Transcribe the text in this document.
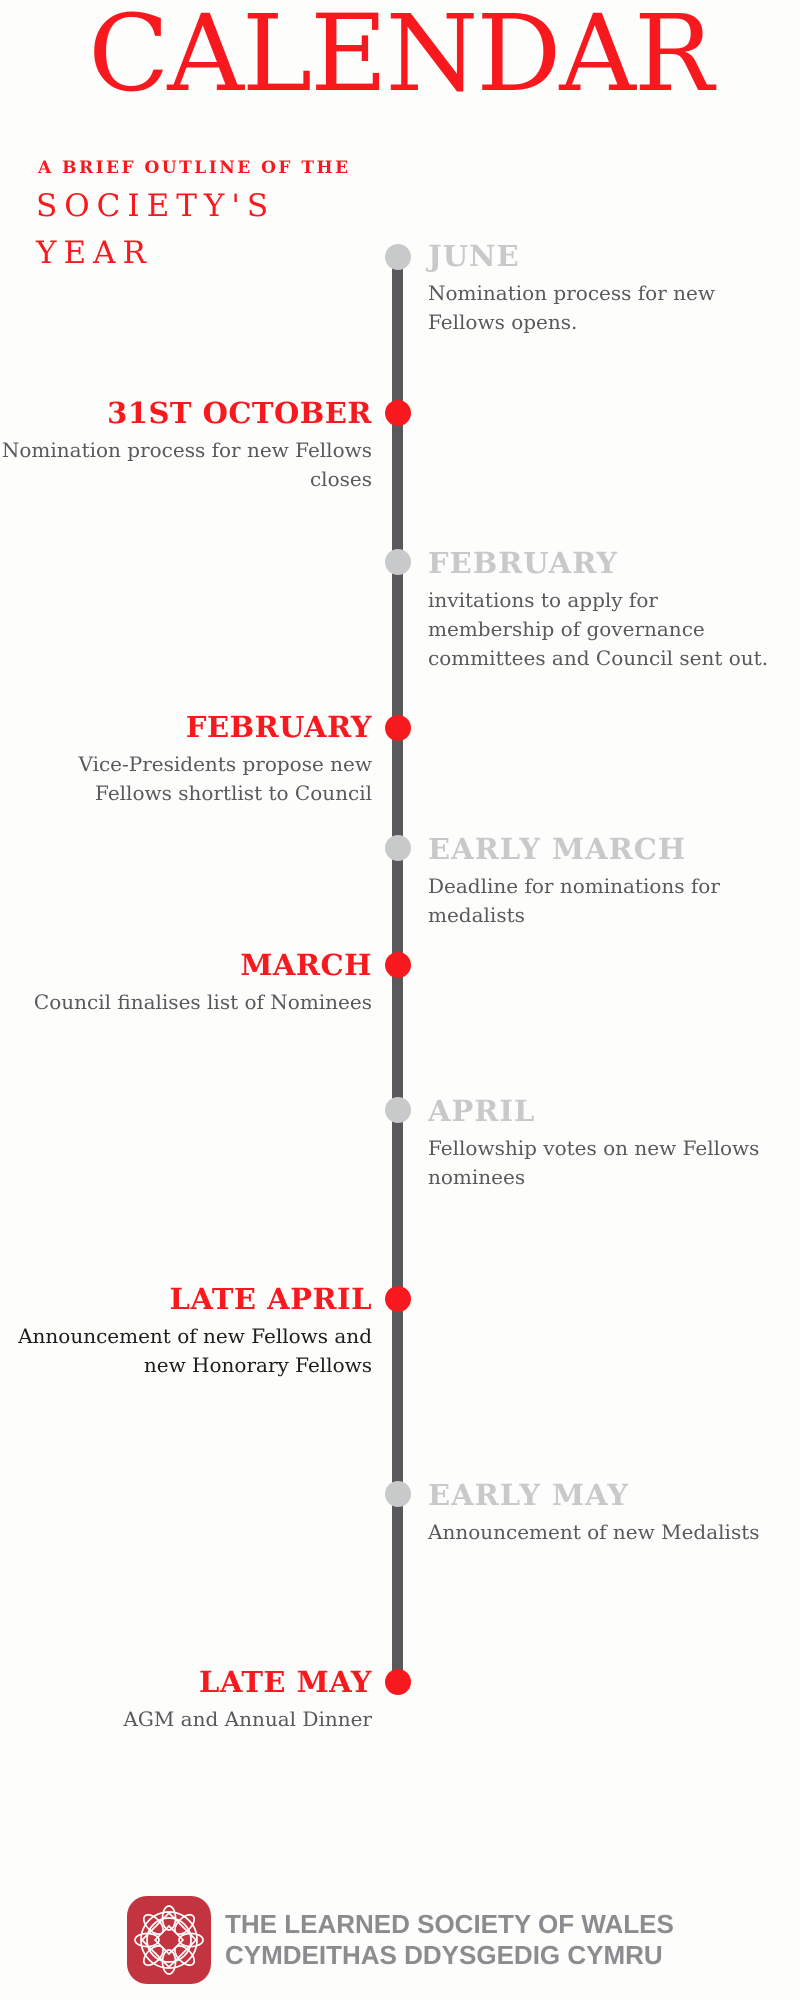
CALENDAR
A BRIEF OUTLINE OF THE
SOCIETY'S
YEAR	JUNE
Nomination process for new Fellows opens.
31ST OCTOBER
Nomination process for new Fellows closes
FEBRUARY
invitations to apply for membership of governance committees and Council sent out.
FEBRUARY
Vice-Presidents propose new Fellows shortlist to Council
EARLY MARCH
Deadline for nominations for medalists
MARCH
Council finalises list of Nominees
APRIL
Fellowship votes on new Fellows nominees
LATE APRIL
Announcement of new Fellows and new Honorary Fellows
EARLY MAY
Announcement of new Medalists
LATE MAY
AGM and Annual Dinner
THE LEARNED SOCIETY OF WALES
CYMDEITHAS DDYSGEDIG CYMRU
